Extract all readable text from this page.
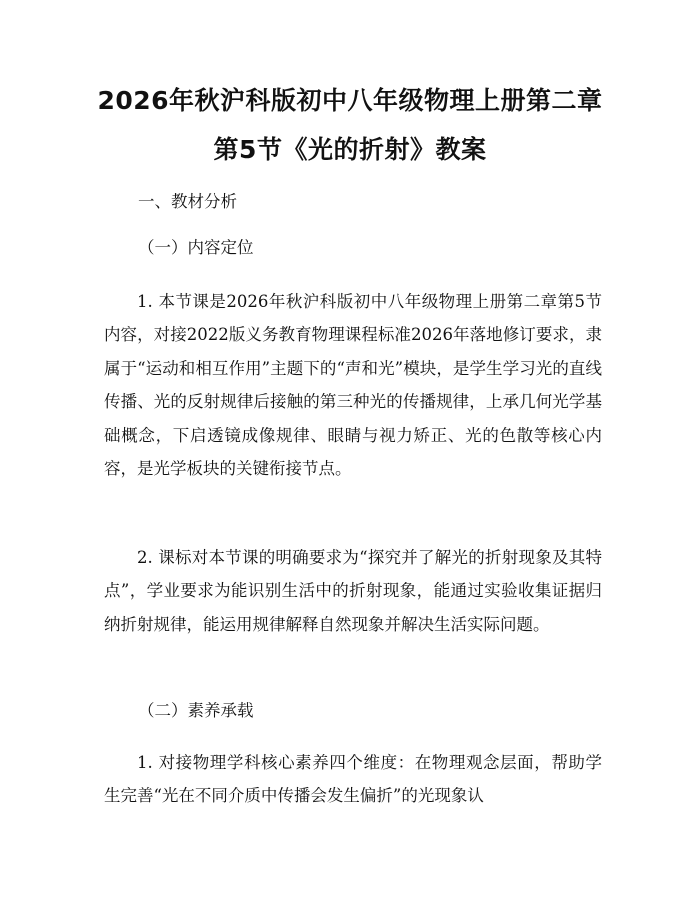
2026年秋沪科版初中八年级物理上册第二章
第5节《光的折射》教案

一、教材分析

（一）内容定位

1. 本节课是2026年秋沪科版初中八年级物理上册第二章第5节内容，对接2022版义务教育物理课程标准2026年落地修订要求，隶属于“运动和相互作用”主题下的“声和光”模块，是学生学习光的直线传播、光的反射规律后接触的第三种光的传播规律，上承几何光学基础概念，下启透镜成像规律、眼睛与视力矫正、光的色散等核心内容，是光学板块的关键衔接节点。

2. 课标对本节课的明确要求为“探究并了解光的折射现象及其特点”，学业要求为能识别生活中的折射现象，能通过实验收集证据归纳折射规律，能运用规律解释自然现象并解决生活实际问题。

（二）素养承载

1. 对接物理学科核心素养四个维度：在物理观念层面，帮助学生完善“光在不同介质中传播会发生偏折”的光现象认
